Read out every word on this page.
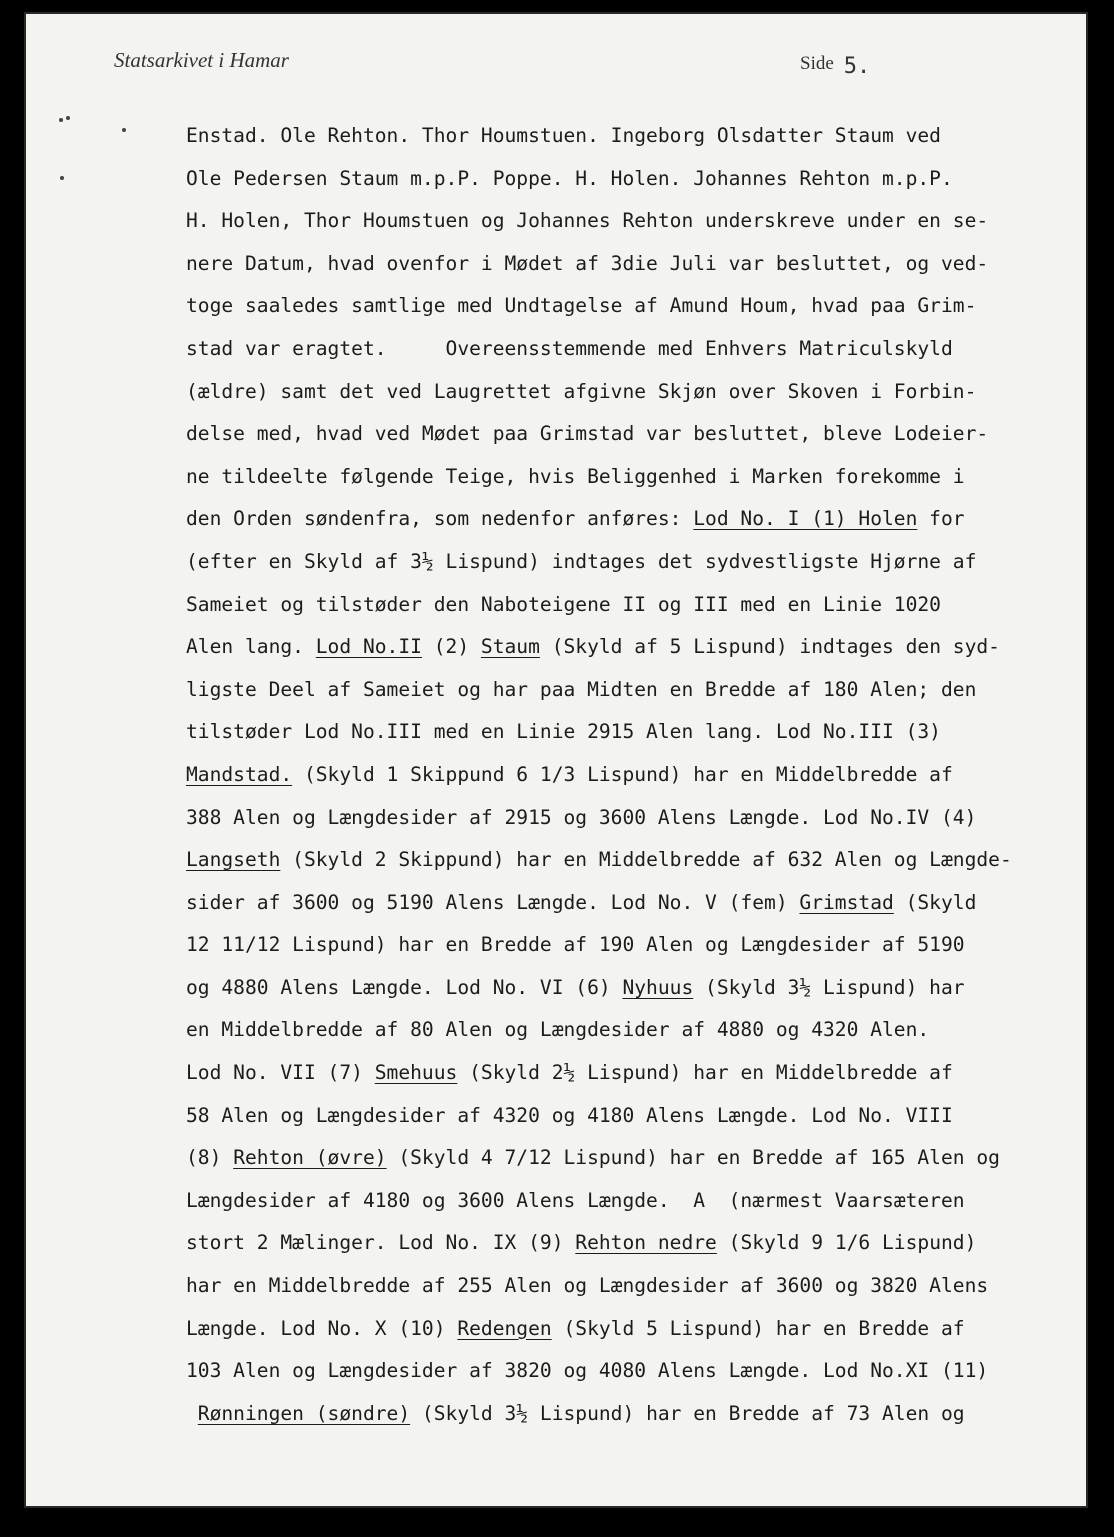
Statsarkivet i Hamar	Side 5.
Enstad. Ole Rehton. Thor Houmstuen. Ingeborg Olsdatter Staum ved
Ole Pedersen Staum m.p.P. Poppe. H. Holen. Johannes Rehton m.p.P.
H. Holen, Thor Houmstuen og Johannes Rehton underskreve under en se-
nere Datum, hvad ovenfor i Mødet af 3die Juli var besluttet, og ved-
toge saaledes samtlige med Undtagelse af Amund Houm, hvad paa Grim-
stad var eragtet.     Overeensstemmende med Enhvers Matriculskyld
(ældre) samt det ved Laugrettet afgivne Skjøn over Skoven i Forbin-
delse med, hvad ved Mødet paa Grimstad var besluttet, bleve Lodeier-
ne tildeelte følgende Teige, hvis Beliggenhed i Marken forekomme i
den Orden søndenfra, som nedenfor anføres: Lod No. I (1) Holen for
(efter en Skyld af 3½ Lispund) indtages det sydvestligste Hjørne af
Sameiet og tilstøder den Naboteigene II og III med en Linie 1020
Alen lang. Lod No.II (2) Staum (Skyld af 5 Lispund) indtages den syd-
ligste Deel af Sameiet og har paa Midten en Bredde af 180 Alen; den
tilstøder Lod No.III med en Linie 2915 Alen lang. Lod No.III (3)
Mandstad. (Skyld 1 Skippund 6 1/3 Lispund) har en Middelbredde af
388 Alen og Længdesider af 2915 og 3600 Alens Længde. Lod No.IV (4)
Langseth (Skyld 2 Skippund) har en Middelbredde af 632 Alen og Længde-
sider af 3600 og 5190 Alens Længde. Lod No. V (fem) Grimstad (Skyld
12 11/12 Lispund) har en Bredde af 190 Alen og Længdesider af 5190
og 4880 Alens Længde. Lod No. VI (6) Nyhuus (Skyld 3½ Lispund) har
en Middelbredde af 80 Alen og Længdesider af 4880 og 4320 Alen.
Lod No. VII (7) Smehuus (Skyld 2½ Lispund) har en Middelbredde af
58 Alen og Længdesider af 4320 og 4180 Alens Længde. Lod No. VIII
(8) Rehton (øvre) (Skyld 4 7/12 Lispund) har en Bredde af 165 Alen og
Længdesider af 4180 og 3600 Alens Længde.  A  (nærmest Vaarsæteren
stort 2 Mælinger. Lod No. IX (9) Rehton nedre (Skyld 9 1/6 Lispund)
har en Middelbredde af 255 Alen og Længdesider af 3600 og 3820 Alens
Længde. Lod No. X (10) Redengen (Skyld 5 Lispund) har en Bredde af
103 Alen og Længdesider af 3820 og 4080 Alens Længde. Lod No.XI (11)
Rønningen (søndre) (Skyld 3½ Lispund) har en Bredde af 73 Alen og
